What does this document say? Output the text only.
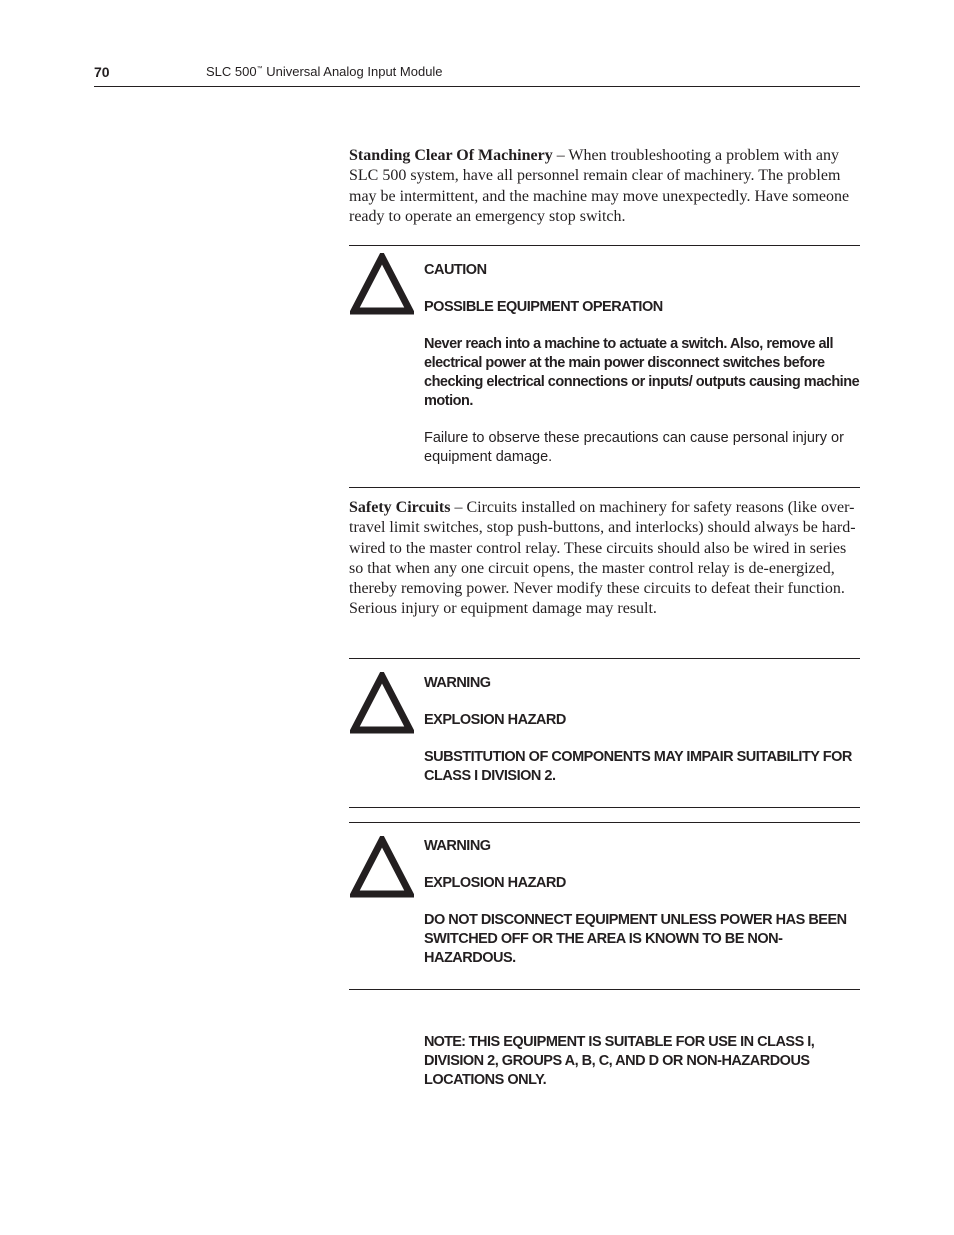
70	SLC 500™ Universal Analog Input Module

Standing Clear Of Machinery – When troubleshooting a problem with any SLC 500 system, have all personnel remain clear of machinery. The problem may be intermittent, and the machine may move unexpectedly. Have someone ready to operate an emergency stop switch.

CAUTION

POSSIBLE EQUIPMENT OPERATION

Never reach into a machine to actuate a switch. Also, remove all electrical power at the main power disconnect switches before checking electrical connections or inputs/ outputs causing machine motion.

Failure to observe these precautions can cause personal injury or equipment damage.

Safety Circuits – Circuits installed on machinery for safety reasons (like over-travel limit switches, stop push-buttons, and interlocks) should always be hard-wired to the master control relay. These circuits should also be wired in series so that when any one circuit opens, the master control relay is de-energized, thereby removing power. Never modify these circuits to defeat their function. Serious injury or equipment damage may result.

WARNING

EXPLOSION HAZARD

SUBSTITUTION OF COMPONENTS MAY IMPAIR SUITABILITY FOR CLASS I DIVISION 2.

WARNING

EXPLOSION HAZARD

DO NOT DISCONNECT EQUIPMENT UNLESS POWER HAS BEEN SWITCHED OFF OR THE AREA IS KNOWN TO BE NON-HAZARDOUS.

NOTE: THIS EQUIPMENT IS SUITABLE FOR USE IN CLASS I, DIVISION 2, GROUPS A, B, C, AND D OR NON-HAZARDOUS LOCATIONS ONLY.
